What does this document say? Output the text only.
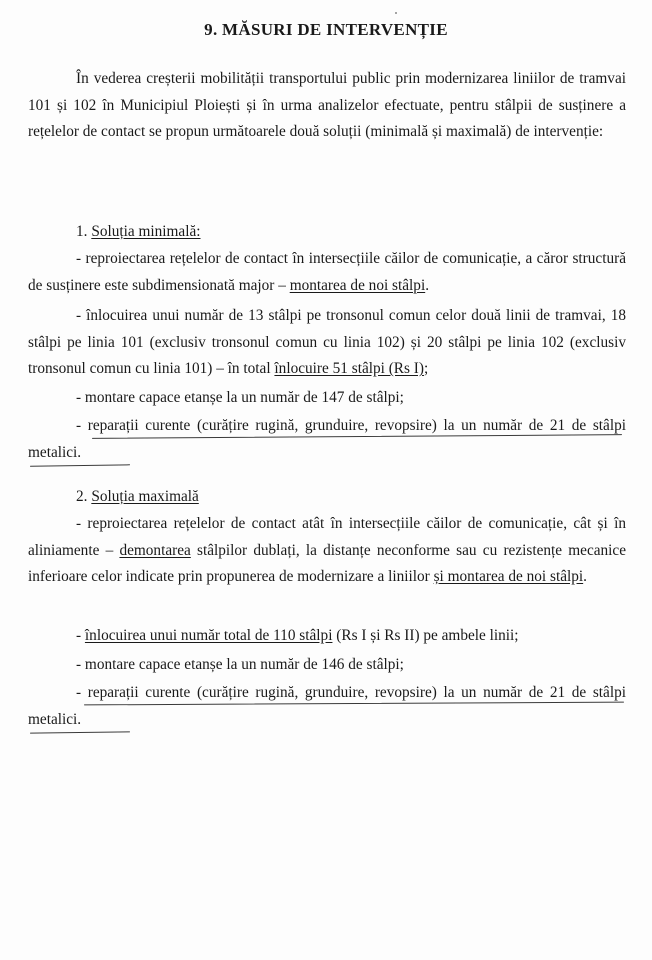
9. MĂSURI DE INTERVENȚIE
În vederea creșterii mobilității transportului public prin modernizarea liniilor de tramvai 101 și 102 în Municipiul Ploiești și în urma analizelor efectuate, pentru stâlpii de susținere a rețelelor de contact se propun următoarele două soluții (minimală și maximală) de intervenție:
1. Soluția minimală:
- reproiectarea rețelelor de contact în intersecțiile căilor de comunicație, a căror structură de susținere este subdimensionată major – montarea de noi stâlpi.
- înlocuirea unui număr de 13 stâlpi pe tronsonul comun celor două linii de tramvai, 18 stâlpi pe linia 101 (exclusiv tronsonul comun cu linia 102) și 20 stâlpi pe linia 102 (exclusiv tronsonul comun cu linia 101) – în total înlocuire 51 stâlpi (Rs I);
- montare capace etanșe la un număr de 147 de stâlpi;
- reparații curente (curățire rugină, grunduire, revopsire) la un număr de 21 de stâlpi metalici.
2. Soluția maximală
- reproiectarea rețelelor de contact atât în intersecțiile căilor de comunicație, cât și în aliniamente – demontarea stâlpilor dublați, la distanțe neconforme sau cu rezistențe mecanice inferioare celor indicate prin propunerea de modernizare a liniilor și montarea de noi stâlpi.
- înlocuirea unui număr total de 110 stâlpi (Rs I și Rs II) pe ambele linii;
- montare capace etanșe la un număr de 146 de stâlpi;
- reparații curente (curățire rugină, grunduire, revopsire) la un număr de 21 de stâlpi metalici.
